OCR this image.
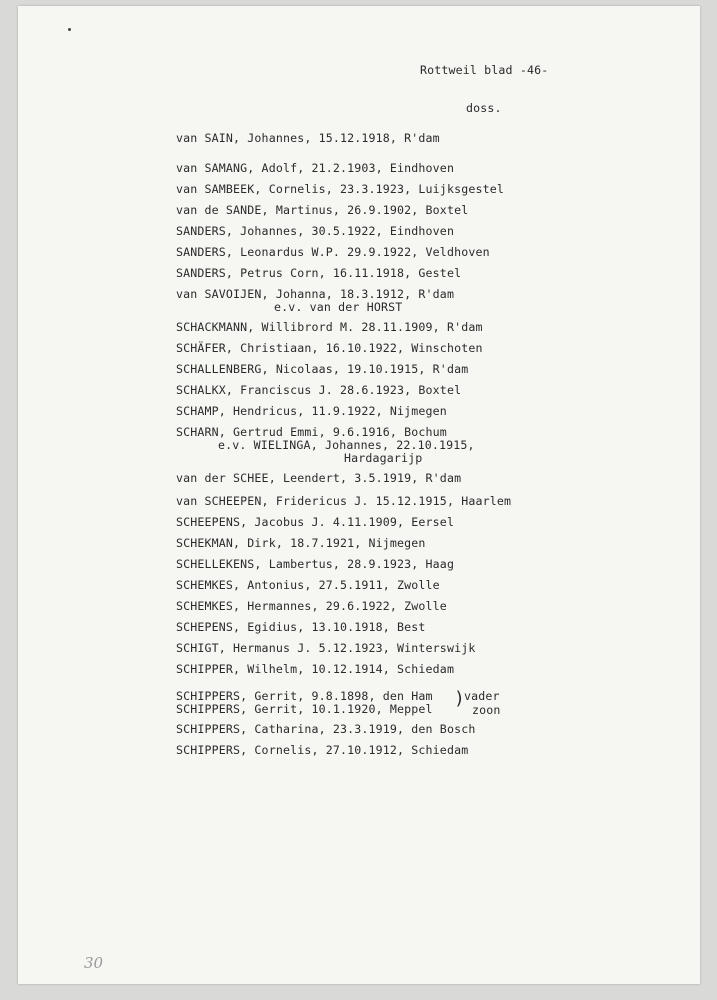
Rottweil blad -46-
doss.
van SAIN, Johannes, 15.12.1918, R'dam
van SAMANG, Adolf, 21.2.1903, Eindhoven
van SAMBEEK, Cornelis, 23.3.1923, Luijksgestel
van de SANDE, Martinus, 26.9.1902, Boxtel
SANDERS, Johannes, 30.5.1922, Eindhoven
SANDERS, Leonardus W.P. 29.9.1922, Veldhoven
SANDERS, Petrus Corn, 16.11.1918, Gestel
van SAVOIJEN, Johanna, 18.3.1912, R'dam
e.v. van der HORST
SCHACKMANN, Willibrord M. 28.11.1909, R'dam
SCHÄFER, Christiaan, 16.10.1922, Winschoten
SCHALLENBERG, Nicolaas, 19.10.1915, R'dam
SCHALKX, Franciscus J. 28.6.1923, Boxtel
SCHAMP, Hendricus, 11.9.1922, Nijmegen
SCHARN, Gertrud Emmi, 9.6.1916, Bochum
e.v. WIELINGA, Johannes, 22.10.1915,
Hardagarijp
van der SCHEE, Leendert, 3.5.1919, R'dam
van SCHEEPEN, Fridericus J. 15.12.1915, Haarlem
SCHEEPENS, Jacobus J. 4.11.1909, Eersel
SCHEKMAN, Dirk, 18.7.1921, Nijmegen
SCHELLEKENS, Lambertus, 28.9.1923, Haag
SCHEMKES, Antonius, 27.5.1911, Zwolle
SCHEMKES, Hermannes, 29.6.1922, Zwolle
SCHEPENS, Egidius, 13.10.1918, Best
SCHIGT, Hermanus J. 5.12.1923, Winterswijk
SCHIPPER, Wilhelm, 10.12.1914, Schiedam
SCHIPPERS, Gerrit, 9.8.1898, den Ham
SCHIPPERS, Gerrit, 10.1.1920, Meppel ) vader
zoon
SCHIPPERS, Catharina, 23.3.1919, den Bosch
SCHIPPERS, Cornelis, 27.10.1912, Schiedam
30
